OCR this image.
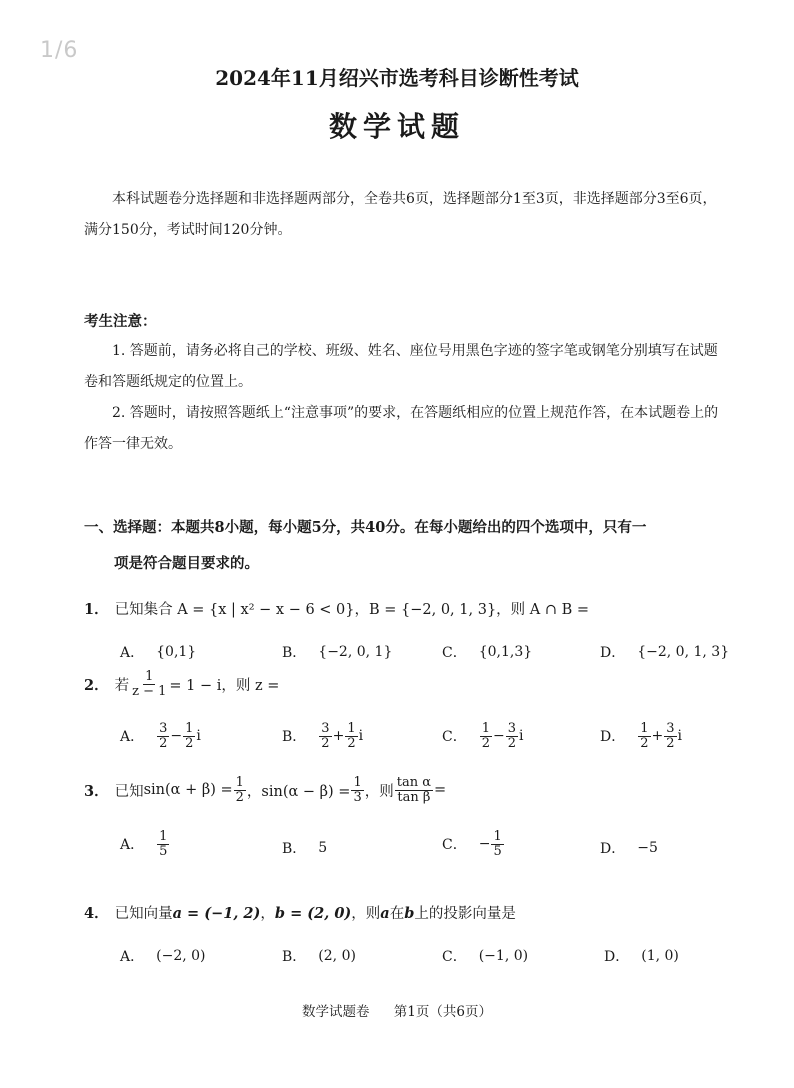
1/6
2024年11月绍兴市选考科目诊断性考试
数学试题
本科试题卷分选择题和非选择题两部分，全卷共6页，选择题部分1至3页，非选择题部分3至6页，满分150分，考试时间120分钟。
考生注意：
1. 答题前，请务必将自己的学校、班级、姓名、座位号用黑色字迹的签字笔或钢笔分别填写在试题卷和答题纸规定的位置上。
2. 答题时，请按照答题纸上“注意事项”的要求，在答题纸相应的位置上规范作答，在本试题卷上的作答一律无效。
一、选择题：本题共8小题，每小题5分，共40分。在每小题给出的四个选项中，只有一
项是符合题目要求的。
1． 已知集合 A = {x | x² − x − 6 < 0}，B = {−2, 0, 1, 3}，则 A ∩ B =
A． {0,1}	B． {−2, 0, 1}	C． {0,1,3}	D． {−2, 0, 1, 3}
2． 若 $\frac{1}{z - 1} = 1 - i$，则 z =
A． $\frac{3}{2} - \frac{1}{2}$ i	B． $\frac{3}{2} + \frac{1}{2}$ i	C． $\frac{1}{2} - \frac{3}{2}$ i	D． $\frac{1}{2} + \frac{3}{2}$ i
3． 已知 $\sin(\alpha + \beta) = \frac{1}{2}$ ，$\sin(\alpha - \beta) = \frac{1}{3}$ ，则 $\frac{\text{tan α}}{\text{tan β}}$ =
A． $\frac{1}{5}$	B． 5	C． − $\frac{1}{5}$	D． −5
4． 已知向量a = (−1, 2)，b = (2, 0)，则a在b上的投影向量是
A． (−2, 0)	B． (2, 0)	C． (−1, 0)	D． (1, 0)
数学试题卷 第1页（共6页）
